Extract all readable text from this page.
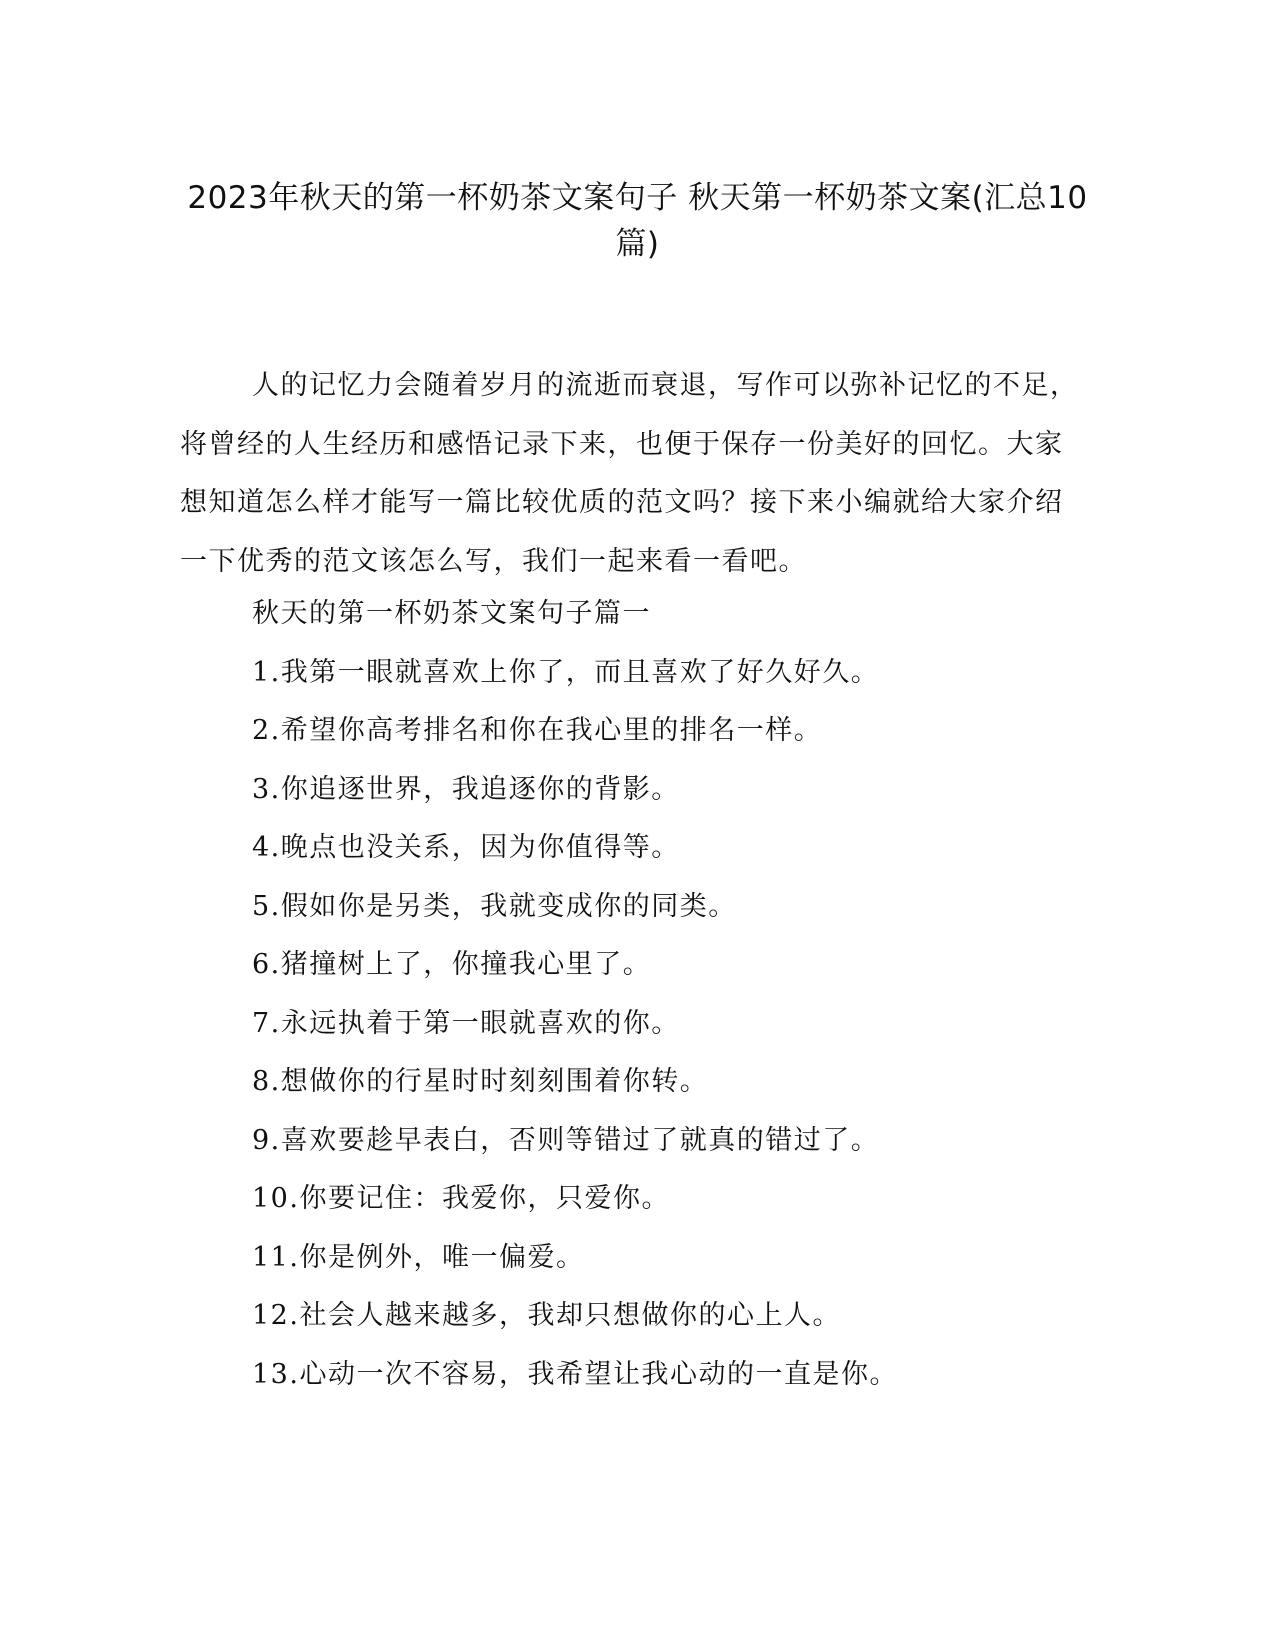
2023年秋天的第一杯奶茶文案句子 秋天第一杯奶茶文案(汇总10篇)

人的记忆力会随着岁月的流逝而衰退，写作可以弥补记忆的不足，将曾经的人生经历和感悟记录下来，也便于保存一份美好的回忆。大家想知道怎么样才能写一篇比较优质的范文吗？接下来小编就给大家介绍一下优秀的范文该怎么写，我们一起来看一看吧。

秋天的第一杯奶茶文案句子篇一
1.我第一眼就喜欢上你了，而且喜欢了好久好久。
2.希望你高考排名和你在我心里的排名一样。
3.你追逐世界，我追逐你的背影。
4.晚点也没关系，因为你值得等。
5.假如你是另类，我就变成你的同类。
6.猪撞树上了，你撞我心里了。
7.永远执着于第一眼就喜欢的你。
8.想做你的行星时时刻刻围着你转。
9.喜欢要趁早表白，否则等错过了就真的错过了。
10.你要记住：我爱你，只爱你。
11.你是例外，唯一偏爱。
12.社会人越来越多，我却只想做你的心上人。
13.心动一次不容易，我希望让我心动的一直是你。
